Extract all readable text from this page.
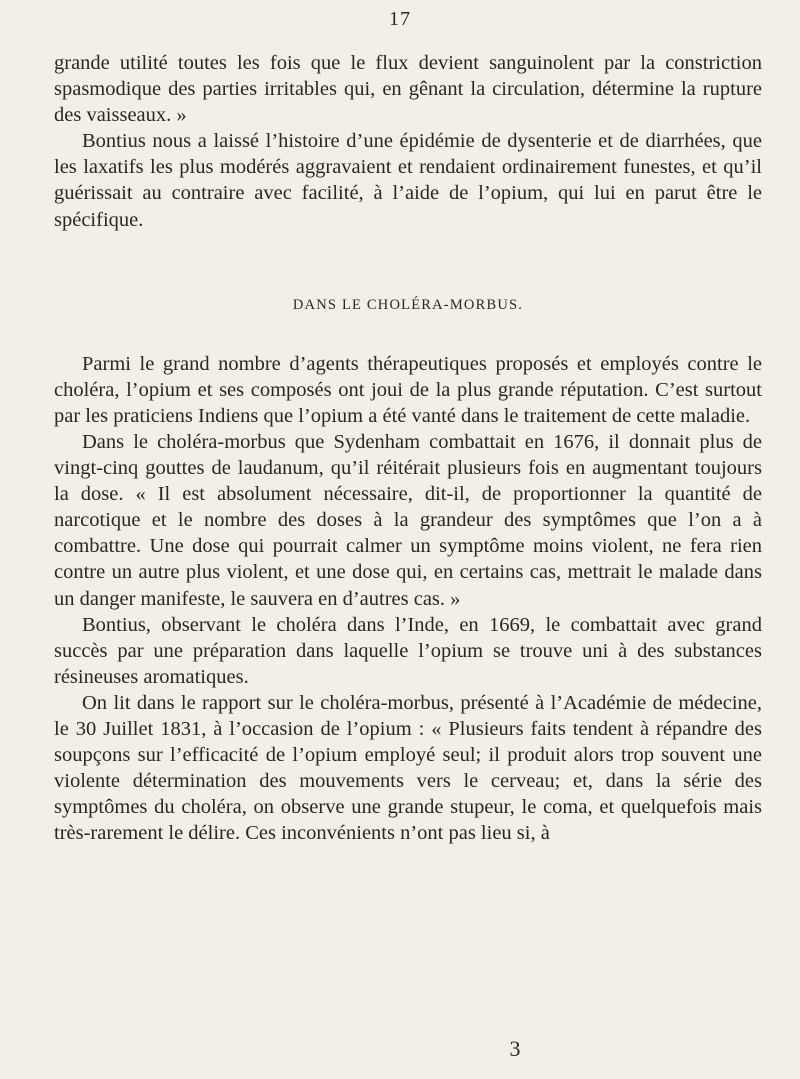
17

grande utilité toutes les fois que le flux devient sanguinolent par la constriction spasmodique des parties irritables qui, en gênant la circulation, détermine la rupture des vaisseaux. »

Bontius nous a laissé l’histoire d’une épidémie de dysenterie et de diarrhées, que les laxatifs les plus modérés aggravaient et rendaient ordinairement funestes, et qu’il guérissait au contraire avec facilité, à l’aide de l’opium, qui lui en parut être le spécifique.

DANS LE CHOLÉRA-MORBUS.

Parmi le grand nombre d’agents thérapeutiques proposés et employés contre le choléra, l’opium et ses composés ont joui de la plus grande réputation. C’est surtout par les praticiens Indiens que l’opium a été vanté dans le traitement de cette maladie.

Dans le choléra-morbus que Sydenham combattait en 1676, il donnait plus de vingt-cinq gouttes de laudanum, qu’il réitérait plusieurs fois en augmentant toujours la dose. « Il est absolument nécessaire, dit-il, de proportionner la quantité de narcotique et le nombre des doses à la grandeur des symptômes que l’on a à combattre. Une dose qui pourrait calmer un symptôme moins violent, ne fera rien contre un autre plus violent, et une dose qui, en certains cas, mettrait le malade dans un danger manifeste, le sauvera en d’autres cas. »

Bontius, observant le choléra dans l’Inde, en 1669, le combattait avec grand succès par une préparation dans laquelle l’opium se trouve uni à des substances résineuses aromatiques.

On lit dans le rapport sur le choléra-morbus, présenté à l’Académie de médecine, le 30 Juillet 1831, à l’occasion de l’opium : « Plusieurs faits tendent à répandre des soupçons sur l’efficacité de l’opium employé seul; il produit alors trop souvent une violente détermination des mouvements vers le cerveau; et, dans la série des symptômes du choléra, on observe une grande stupeur, le coma, et quelquefois mais très-rarement le délire. Ces inconvénients n’ont pas lieu si, à

3
